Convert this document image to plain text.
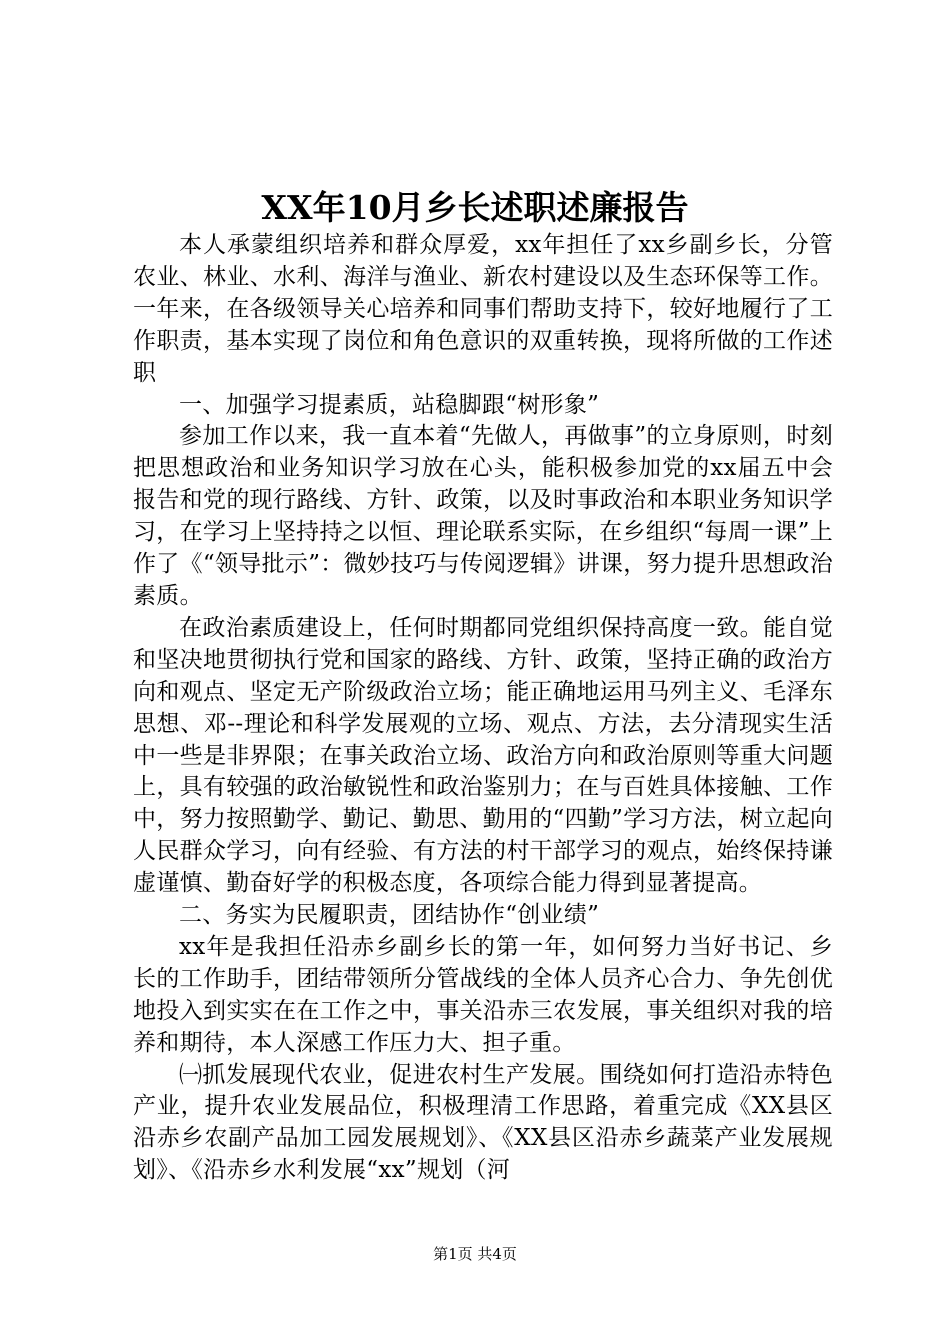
XX年10月乡长述职述廉报告

本人承蒙组织培养和群众厚爱，xx年担任了xx乡副乡长，分管农业、林业、水利、海洋与渔业、新农村建设以及生态环保等工作。一年来，在各级领导关心培养和同事们帮助支持下，较好地履行了工作职责，基本实现了岗位和角色意识的双重转换，现将所做的工作述职

一、加强学习提素质，站稳脚跟“树形象”

参加工作以来，我一直本着“先做人，再做事”的立身原则，时刻把思想政治和业务知识学习放在心头，能积极参加党的xx届五中会报告和党的现行路线、方针、政策，以及时事政治和本职业务知识学习，在学习上坚持持之以恒、理论联系实际，在乡组织“每周一课”上作了《“领导批示”：微妙技巧与传阅逻辑》讲课，努力提升思想政治素质。

在政治素质建设上，任何时期都同党组织保持高度一致。能自觉和坚决地贯彻执行党和国家的路线、方针、政策，坚持正确的政治方向和观点、坚定无产阶级政治立场；能正确地运用马列主义、毛泽东思想、邓--理论和科学发展观的立场、观点、方法，去分清现实生活中一些是非界限；在事关政治立场、政治方向和政治原则等重大问题上，具有较强的政治敏锐性和政治鉴别力；在与百姓具体接触、工作中，努力按照勤学、勤记、勤思、勤用的“四勤”学习方法，树立起向人民群众学习，向有经验、有方法的村干部学习的观点，始终保持谦虚谨慎、勤奋好学的积极态度，各项综合能力得到显著提高。

二、务实为民履职责，团结协作“创业绩”

xx年是我担任沿赤乡副乡长的第一年，如何努力当好书记、乡长的工作助手，团结带领所分管战线的全体人员齐心合力、争先创优地投入到实实在在工作之中，事关沿赤三农发展，事关组织对我的培养和期待，本人深感工作压力大、担子重。

㈠抓发展现代农业，促进农村生产发展。围绕如何打造沿赤特色产业，提升农业发展品位，积极理清工作思路，着重完成《XX县区沿赤乡农副产品加工园发展规划》、《XX县区沿赤乡蔬菜产业发展规划》、《沿赤乡水利发展“xx”规划（河

第1页 共4页
